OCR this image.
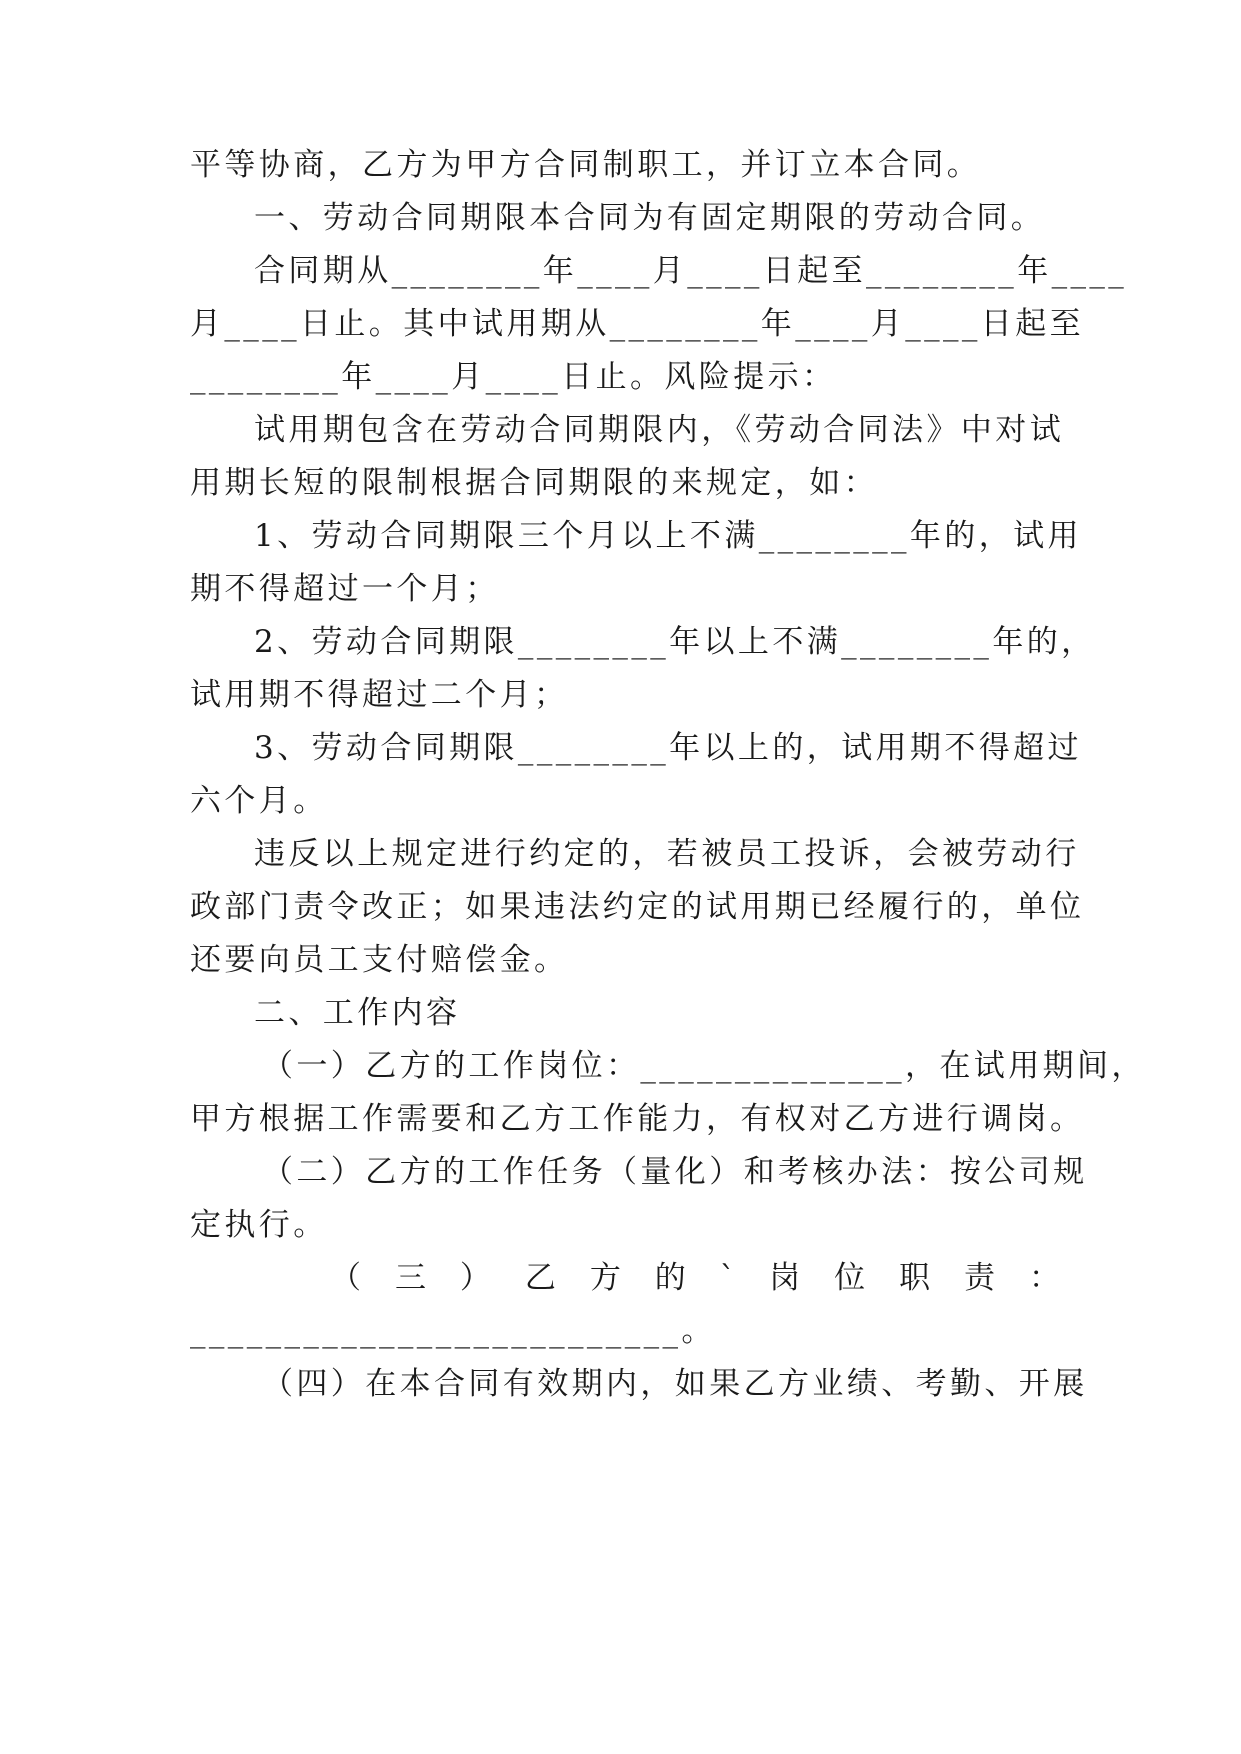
平等协商，乙方为甲方合同制职工，并订立本合同。
一、劳动合同期限本合同为有固定期限的劳动合同。
合同期从________年____月____日起至________年____
月____日止。其中试用期从________年____月____日起至
________年____月____日止。风险提示：
试用期包含在劳动合同期限内，《劳动合同法》中对试
用期长短的限制根据合同期限的来规定，如：
1、劳动合同期限三个月以上不满________年的，试用
期不得超过一个月；
2、劳动合同期限________年以上不满________年的，
试用期不得超过二个月；
3、劳动合同期限________年以上的，试用期不得超过
六个月。
违反以上规定进行约定的，若被员工投诉，会被劳动行
政部门责令改正；如果违法约定的试用期已经履行的，单位
还要向员工支付赔偿金。
二、工作内容
（一）乙方的工作岗位：______________，在试用期间，
甲方根据工作需要和乙方工作能力，有权对乙方进行调岗。
（二）乙方的工作任务（量化）和考核办法：按公司规
定执行。
（ 三 ） 乙 方 的 ` 岗 位 职 责 ：
__________________________。
（四）在本合同有效期内，如果乙方业绩、考勤、开展
